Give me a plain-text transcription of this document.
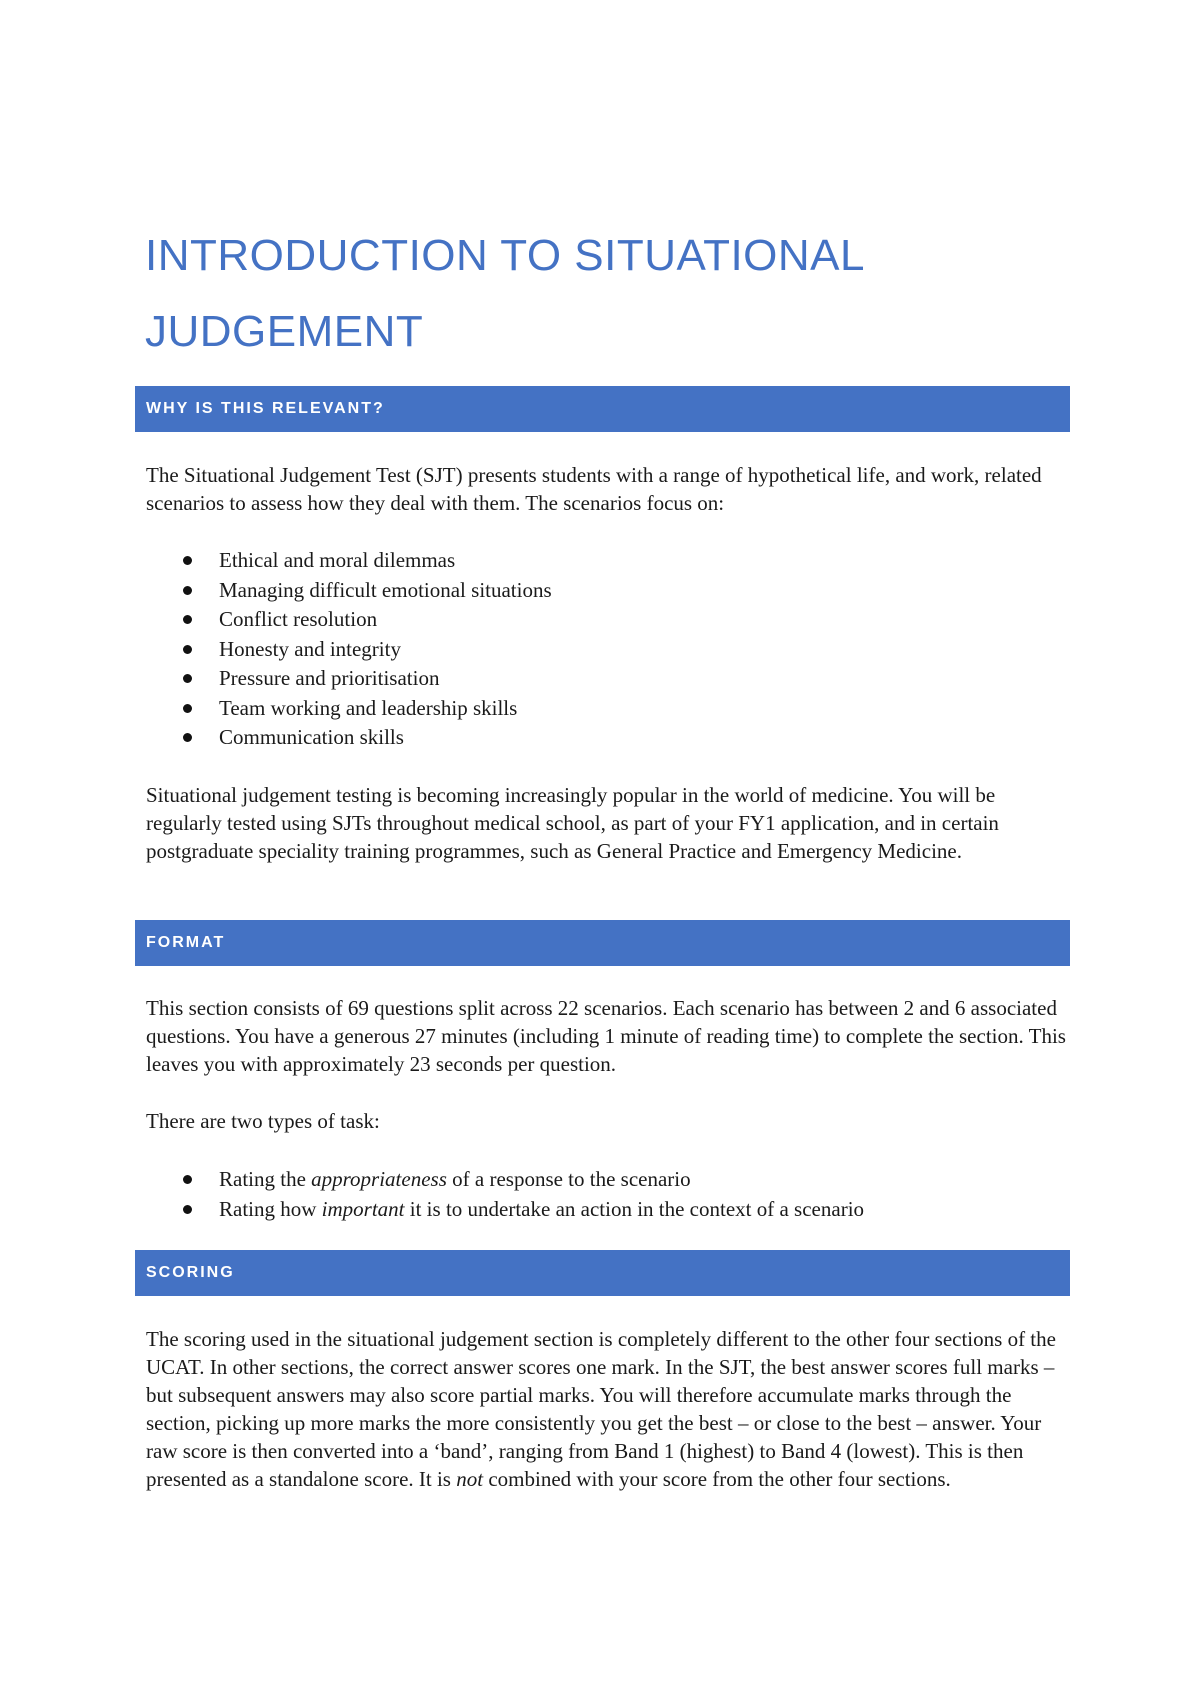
INTRODUCTION TO SITUATIONAL JUDGEMENT
WHY IS THIS RELEVANT?

The Situational Judgement Test (SJT) presents students with a range of hypothetical life, and work, related scenarios to assess how they deal with them. The scenarios focus on:

Ethical and moral dilemmas
Managing difficult emotional situations
Conflict resolution
Honesty and integrity
Pressure and prioritisation
Team working and leadership skills
Communication skills

Situational judgement testing is becoming increasingly popular in the world of medicine. You will be regularly tested using SJTs throughout medical school, as part of your FY1 application, and in certain postgraduate speciality training programmes, such as General Practice and Emergency Medicine.

FORMAT

This section consists of 69 questions split across 22 scenarios. Each scenario has between 2 and 6 associated questions. You have a generous 27 minutes (including 1 minute of reading time) to complete the section. This leaves you with approximately 23 seconds per question.

There are two types of task:

Rating the appropriateness of a response to the scenario
Rating how important it is to undertake an action in the context of a scenario
SCORING

The scoring used in the situational judgement section is completely different to the other four sections of the UCAT. In other sections, the correct answer scores one mark. In the SJT, the best answer scores full marks – but subsequent answers may also score partial marks. You will therefore accumulate marks through the section, picking up more marks the more consistently you get the best – or close to the best – answer. Your raw score is then converted into a ‘band’, ranging from Band 1 (highest) to Band 4 (lowest). This is then presented as a standalone score. It is not combined with your score from the other four sections.
